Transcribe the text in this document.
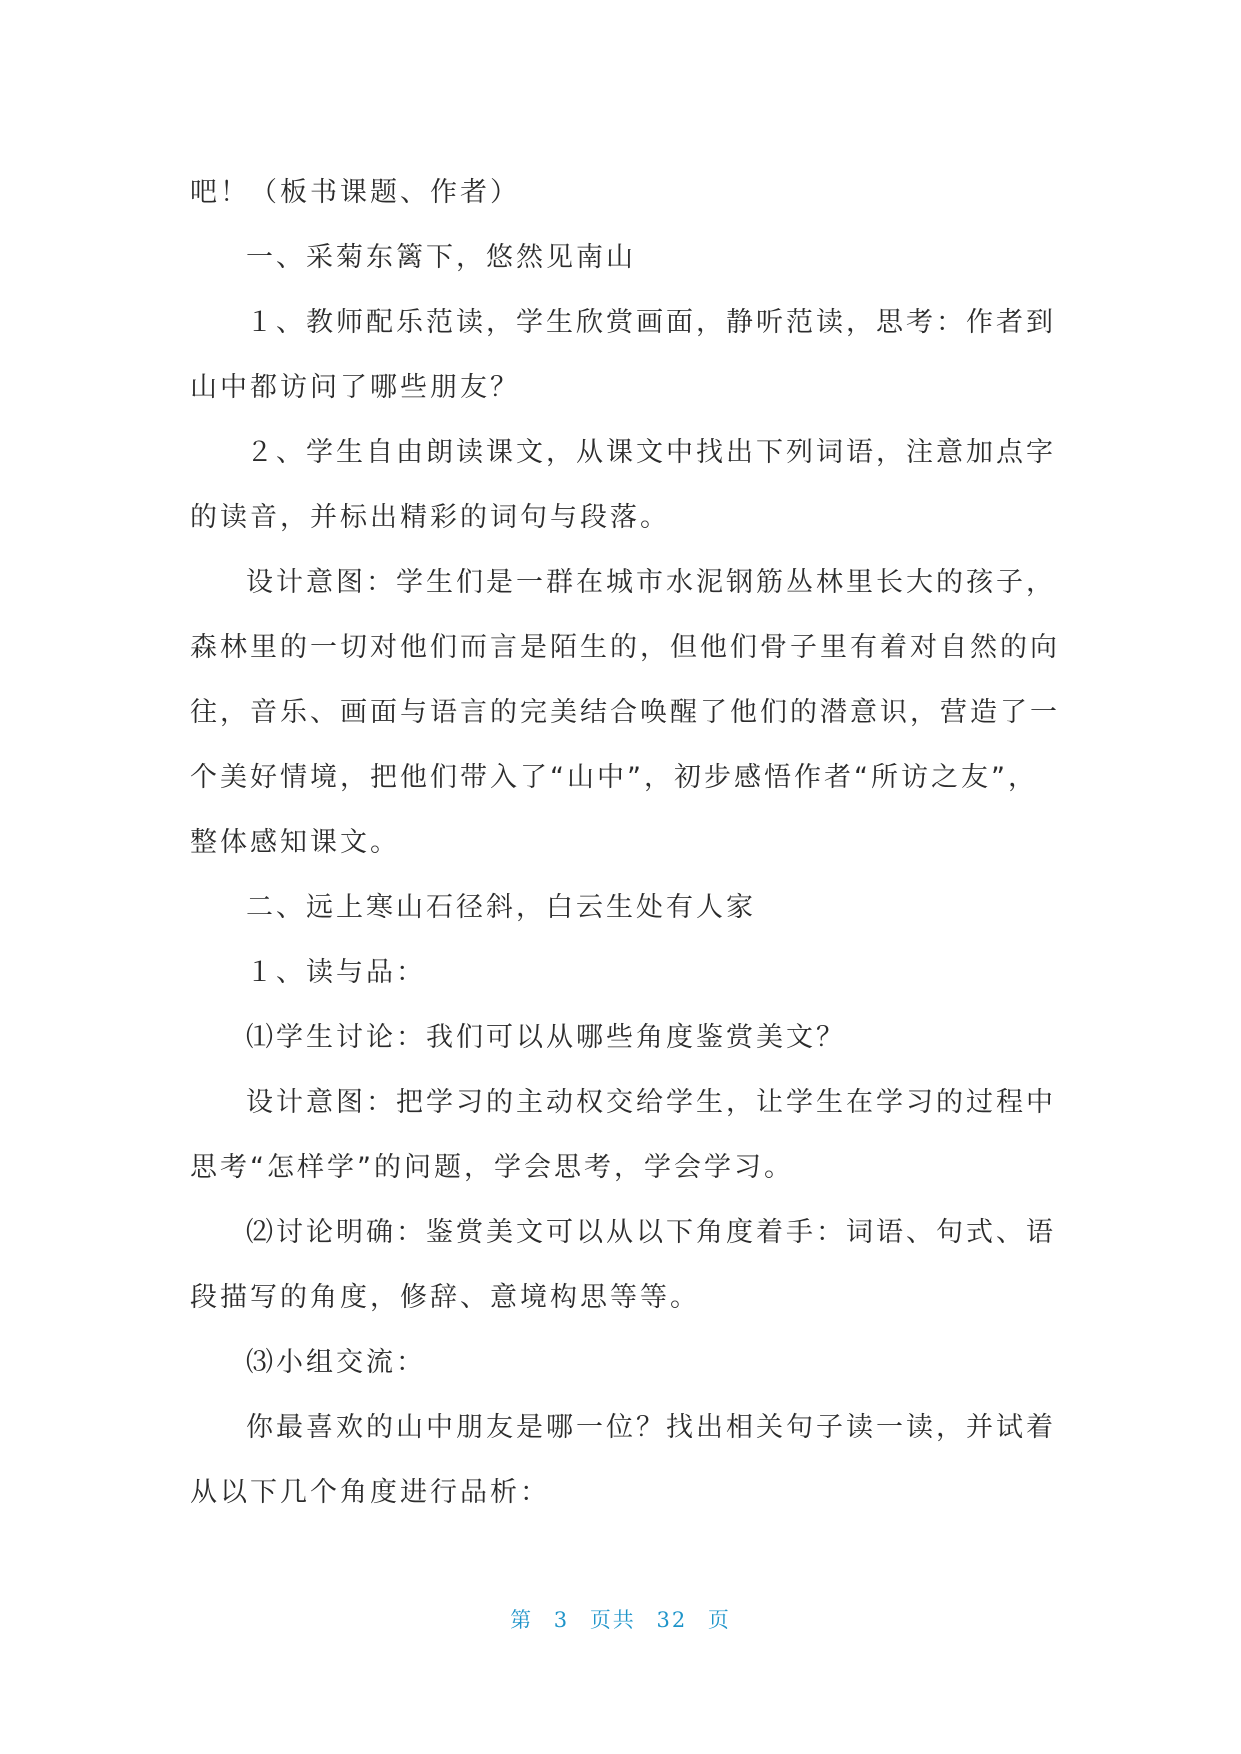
吧！（板书课题、作者）

一、采菊东篱下，悠然见南山

１、教师配乐范读，学生欣赏画面，静听范读，思考：作者到

山中都访问了哪些朋友？

２、学生自由朗读课文，从课文中找出下列词语，注意加点字

的读音，并标出精彩的词句与段落。

设计意图：学生们是一群在城市水泥钢筋丛林里长大的孩子，

森林里的一切对他们而言是陌生的，但他们骨子里有着对自然的向

往，音乐、画面与语言的完美结合唤醒了他们的潜意识，营造了一

个美好情境，把他们带入了“山中”，初步感悟作者“所访之友”，

整体感知课文。

二、远上寒山石径斜，白云生处有人家

１、读与品：

⑴学生讨论：我们可以从哪些角度鉴赏美文？

设计意图：把学习的主动权交给学生，让学生在学习的过程中

思考“怎样学”的问题，学会思考，学会学习。

⑵讨论明确：鉴赏美文可以从以下角度着手：词语、句式、语

段描写的角度，修辞、意境构思等等。

⑶小组交流：

你最喜欢的山中朋友是哪一位？找出相关句子读一读，并试着

从以下几个角度进行品析：

第 3 页共 32 页
